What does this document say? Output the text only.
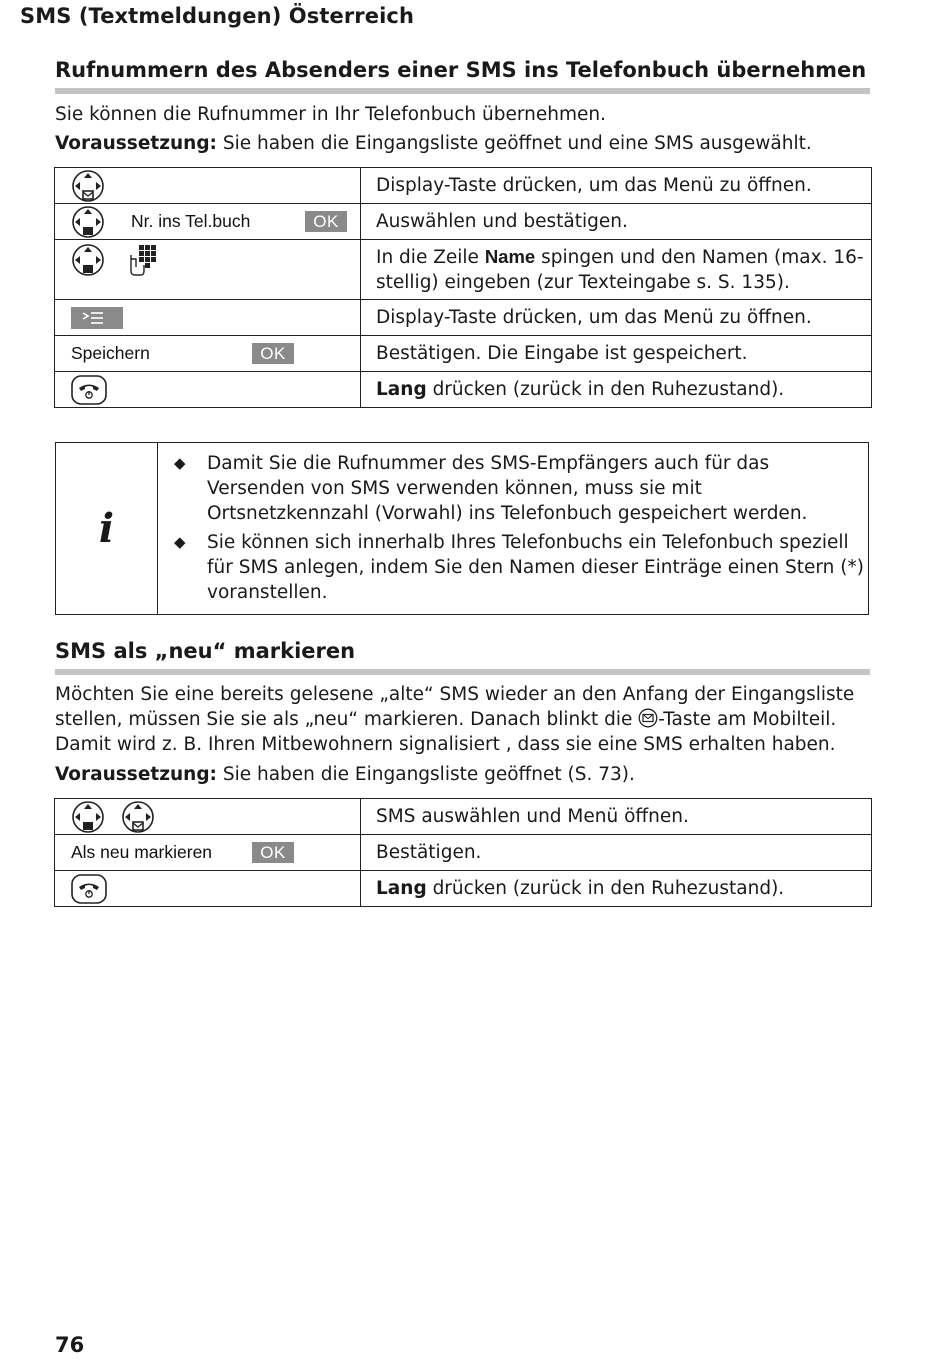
SMS (Textmeldungen) Österreich
Rufnummern des Absenders einer SMS ins Telefonbuch übernehmen
Sie können die Rufnummer in Ihr Telefonbuch übernehmen.
Voraussetzung: Sie haben die Eingangsliste geöffnet und eine SMS ausgewählt.
	Display-Taste drücken, um das Menü zu öffnen.

Nr. ins Tel.buch OK	Auswählen und bestätigen.

	In die Zeile Name spingen und den Namen (max. 16-stellig) eingeben (zur Texteingabe s. S. 135).

	Display-Taste drücken, um das Menü zu öffnen.

Speichern OK	Bestätigen. Die Eingabe ist gespeichert.

	Lang drücken (zurück in den Ruhezustand).
i
◆ Damit Sie die Rufnummer des SMS-Empfängers auch für das Versenden von SMS verwenden können, muss sie mit Ortsnetzkennzahl (Vorwahl) ins Telefonbuch gespeichert werden.
◆ Sie können sich innerhalb Ihres Telefonbuchs ein Telefonbuch speziell für SMS anlegen, indem Sie den Namen dieser Einträge einen Stern (*) voranstellen.
SMS als „neu“ markieren
Möchten Sie eine bereits gelesene „alte“ SMS wieder an den Anfang der Eingangsliste stellen, müssen Sie sie als „neu“ markieren. Danach blinkt die -Taste am Mobilteil. Damit wird z. B. Ihren Mitbewohnern signalisiert , dass sie eine SMS erhalten haben.
Voraussetzung: Sie haben die Eingangsliste geöffnet (S. 73).
	SMS auswählen und Menü öffnen.

Als neu markieren OK	Bestätigen.

	Lang drücken (zurück in den Ruhezustand).
76
